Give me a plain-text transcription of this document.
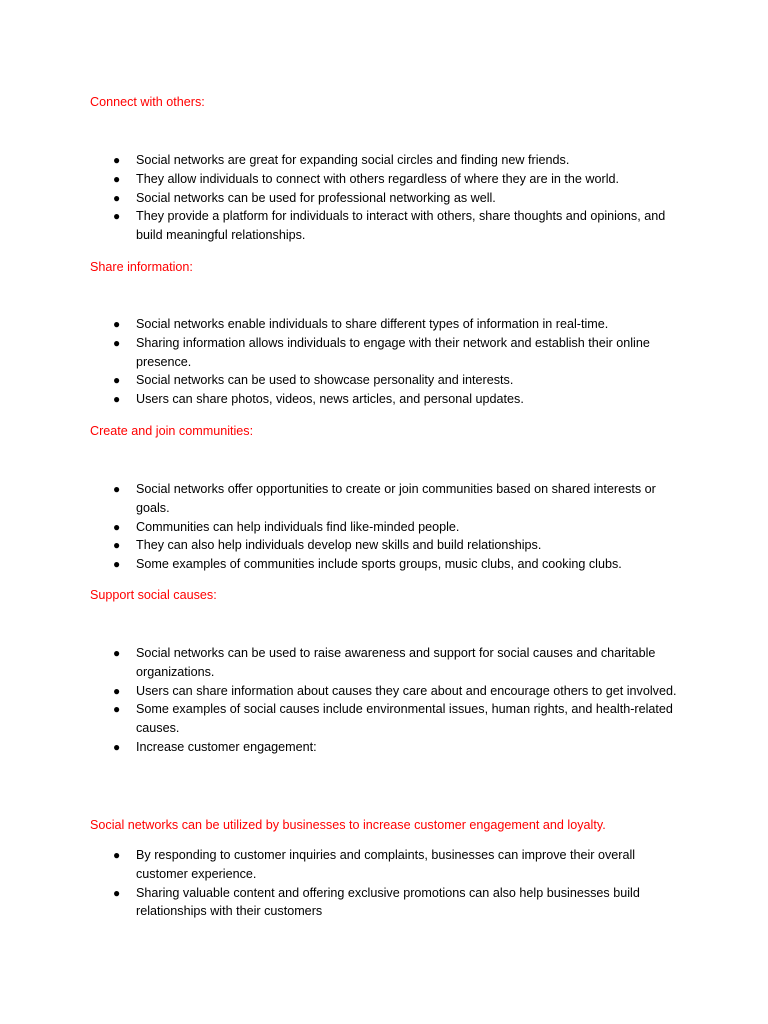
Connect with others:
● Social networks are great for expanding social circles and finding new friends.
● They allow individuals to connect with others regardless of where they are in the world.
● Social networks can be used for professional networking as well.
● They provide a platform for individuals to interact with others, share thoughts and opinions, and build meaningful relationships.
Share information:
● Social networks enable individuals to share different types of information in real-time.
● Sharing information allows individuals to engage with their network and establish their online presence.
● Social networks can be used to showcase personality and interests.
● Users can share photos, videos, news articles, and personal updates.
Create and join communities:
● Social networks offer opportunities to create or join communities based on shared interests or goals.
● Communities can help individuals find like-minded people.
● They can also help individuals develop new skills and build relationships.
● Some examples of communities include sports groups, music clubs, and cooking clubs.
Support social causes:
● Social networks can be used to raise awareness and support for social causes and charitable organizations.
● Users can share information about causes they care about and encourage others to get involved.
● Some examples of social causes include environmental issues, human rights, and health-related causes.
● Increase customer engagement:
Social networks can be utilized by businesses to increase customer engagement and loyalty.
● By responding to customer inquiries and complaints, businesses can improve their overall customer experience.
● Sharing valuable content and offering exclusive promotions can also help businesses build relationships with their customers
